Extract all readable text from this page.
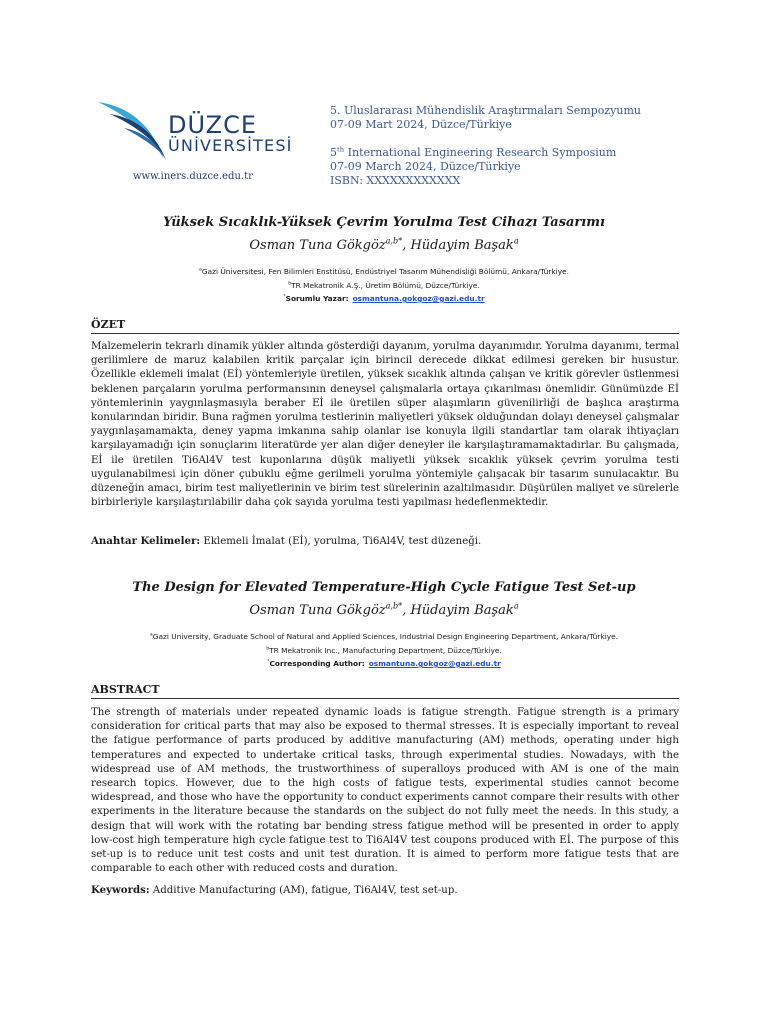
DÜZCE
ÜNİVERSİTESİ
www.iners.duzce.edu.tr
5. Uluslararası Mühendislik Araştırmaları Sempozyumu
07-09 Mart 2024, Düzce/Türkiye
5th International Engineering Research Symposium
07-09 March 2024, Düzce/Türkiye
ISBN: XXXXXXXXXXXX
Yüksek Sıcaklık-Yüksek Çevrim Yorulma Test Cihazı Tasarımı
Osman Tuna Gökgöz$^{a,b*}$, Hüdayim Başak$^a$
$^a$Gazi Üniversitesi, Fen Bilimleri Enstitüsü, Endüstriyel Tasarım Mühendisliği Bölümü, Ankara/Türkiye.
$^b$TR Mekatronik A.Ş., Üretim Bölümü, Düzce/Türkiye.
*Sorumlu Yazar: osmantuna.gokgoz@gazi.edu.tr
ÖZET
Malzemelerin tekrarlı dinamik yükler altında gösterdiği dayanım, yorulma dayanımıdır. Yorulma dayanımı, termal gerilimlere de maruz kalabilen kritik parçalar için birincil derecede dikkat edilmesi gereken bir husustur. Özellikle eklemeli imalat (Eİ) yöntemleriyle üretilen, yüksek sıcaklık altında çalışan ve kritik görevler üstlenmesi beklenen parçaların yorulma performansının deneysel çalışmalarla ortaya çıkarılması önemlidir. Günümüzde Eİ yöntemlerinin yaygınlaşmasıyla beraber Eİ ile üretilen süper alaşımların güvenilirliği de başlıca araştırma konularından biridir. Buna rağmen yorulma testlerinin maliyetleri yüksek olduğundan dolayı deneysel çalışmalar yaygınlaşamamakta, deney yapma imkanına sahip olanlar ise konuyla ilgili standartlar tam olarak ihtiyaçları karşılayamadığı için sonuçlarını literatürde yer alan diğer deneyler ile karşılaştıramamaktadırlar. Bu çalışmada, Eİ ile üretilen Ti6Al4V test kuponlarına düşük maliyetli yüksek sıcaklık yüksek çevrim yorulma testi uygulanabilmesi için döner çubuklu eğme gerilmeli yorulma yöntemiyle çalışacak bir tasarım sunulacaktır. Bu düzeneğin amacı, birim test maliyetlerinin ve birim test sürelerinin azaltılmasıdır. Düşürülen maliyet ve sürelerle birbirleriyle karşılaştırılabilir daha çok sayıda yorulma testi yapılması hedeflenmektedir.
Anahtar Kelimeler: Eklemeli İmalat (Eİ), yorulma, Ti6Al4V, test düzeneği.
The Design for Elevated Temperature-High Cycle Fatigue Test Set-up
Osman Tuna Gökgöz$^{a,b*}$, Hüdayim Başak$^a$
$^a$Gazi University, Graduate School of Natural and Applied Sciences, Industrial Design Engineering Department, Ankara/Türkiye.
$^b$TR Mekatronik Inc., Manufacturing Department, Düzce/Türkiye.
*Corresponding Author: osmantuna.gokgoz@gazi.edu.tr
ABSTRACT
The strength of materials under repeated dynamic loads is fatigue strength. Fatigue strength is a primary consideration for critical parts that may also be exposed to thermal stresses. It is especially important to reveal the fatigue performance of parts produced by additive manufacturing (AM) methods, operating under high temperatures and expected to undertake critical tasks, through experimental studies. Nowadays, with the widespread use of AM methods, the trustworthiness of superalloys produced with AM is one of the main research topics. However, due to the high costs of fatigue tests, experimental studies cannot become widespread, and those who have the opportunity to conduct experiments cannot compare their results with other experiments in the literature because the standards on the subject do not fully meet the needs. In this study, a design that will work with the rotating bar bending stress fatigue method will be presented in order to apply low-cost high temperature high cycle fatigue test to Ti6Al4V test coupons produced with Eİ. The purpose of this set-up is to reduce unit test costs and unit test duration. It is aimed to perform more fatigue tests that are comparable to each other with reduced costs and duration.
Keywords: Additive Manufacturing (AM), fatigue, Ti6Al4V, test set-up.
